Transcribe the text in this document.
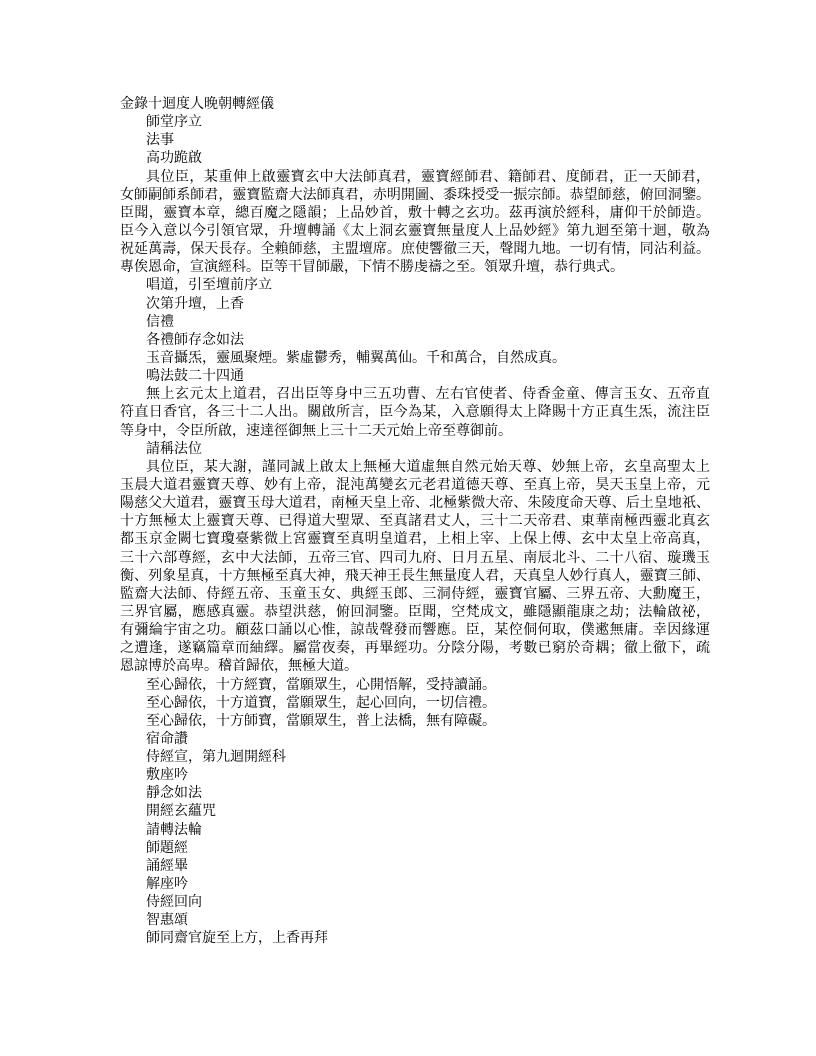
金錄十迴度人晚朝轉經儀
師堂序立
法事
高功跪啟
具位臣，某重伸上啟靈寶玄中大法師真君，靈寶經師君、籍師君、度師君，正一天師君，
女師嗣師系師君，靈寶監齋大法師真君，赤明開圖、黍珠授受一振宗師。恭望師慈，俯回洞鑒。
臣聞，靈寶本章，總百魔之隱韻；上品妙首，敷十轉之玄功。茲再演於經科，庸仰干於師造。
臣今入意以今引領官眾，升壇轉誦《太上洞玄靈寶無量度人上品妙經》第九迴至第十迴，敬為
祝延萬壽，保天長存。全賴師慈，主盟壇席。庶使響徹三天，聲聞九地。一切有情，同沾利益。
專俟恩命，宣演經科。臣等干冒師嚴，下情不勝虔禱之至。領眾升壇，恭行典式。
唱道，引至壇前序立
次第升壇，上香
信禮
各禮師存念如法
玉音攝炁，靈風聚煙。紫虛鬱秀，輔翼萬仙。千和萬合，自然成真。
鳴法鼓二十四通
無上玄元太上道君，召出臣等身中三五功曹、左右官使者、侍香金童、傳言玉女、五帝直
符直日香官，各三十二人出。關啟所言，臣今為某，入意願得太上降賜十方正真生炁，流注臣
等身中，令臣所啟，速達徑御無上三十二天元始上帝至尊御前。
請稱法位
具位臣，某大謝，謹同誠上啟太上無極大道虛無自然元始天尊、妙無上帝，玄皇高聖太上
玉晨大道君靈寶天尊、妙有上帝，混沌萬變玄元老君道德天尊、至真上帝，昊天玉皇上帝，元
陽慈父大道君，靈寶玉母大道君，南極天皇上帝、北極紫微大帝、朱陵度命天尊、后土皇地祇、
十方無極太上靈寶天尊、已得道大聖眾、至真諸君丈人，三十二天帝君、東華南極西靈北真玄
都玉京金闕七寶瓊臺紫微上宮靈寶至真明皇道君，上相上宰、上保上傅、玄中太皇上帝高真，
三十六部尊經，玄中大法師，五帝三官、四司九府、日月五星、南辰北斗、二十八宿、璇璣玉
衡、列象星真，十方無極至真大神，飛天神王長生無量度人君，天真皇人妙行真人，靈寶三師、
監齋大法師、侍經五帝、玉童玉女、典經玉郎、三洞侍經，靈寶官屬、三界五帝、大勳魔王，
三界官屬，應感真靈。恭望洪慈，俯回洞鑒。臣聞，空梵成文，雖隱顯龍康之劫；法輪啟祕，
有彌綸宇宙之功。顧茲口誦以心惟，諒哉聲發而響應。臣，某倥侗何取，僕遬無庸。幸因緣運
之遭逢，遂竊篇章而紬繹。屬當夜奏，再畢經功。分陰分陽，考數已窮於奇耦；徹上徹下，疏
恩諒博於高卑。稽首歸依，無極大道。
至心歸依，十方經寶，當願眾生，心開悟解，受持讀誦。
至心歸依，十方道寶，當願眾生，起心回向，一切信禮。
至心歸依，十方師寶，當願眾生，普上法橋，無有障礙。
宿命讚
侍經宣，第九迴開經科
敷座吟
靜念如法
開經玄蘊咒
請轉法輪
師題經
誦經畢
解座吟
侍經回向
智惠頌
師同齋官旋至上方，上香再拜
